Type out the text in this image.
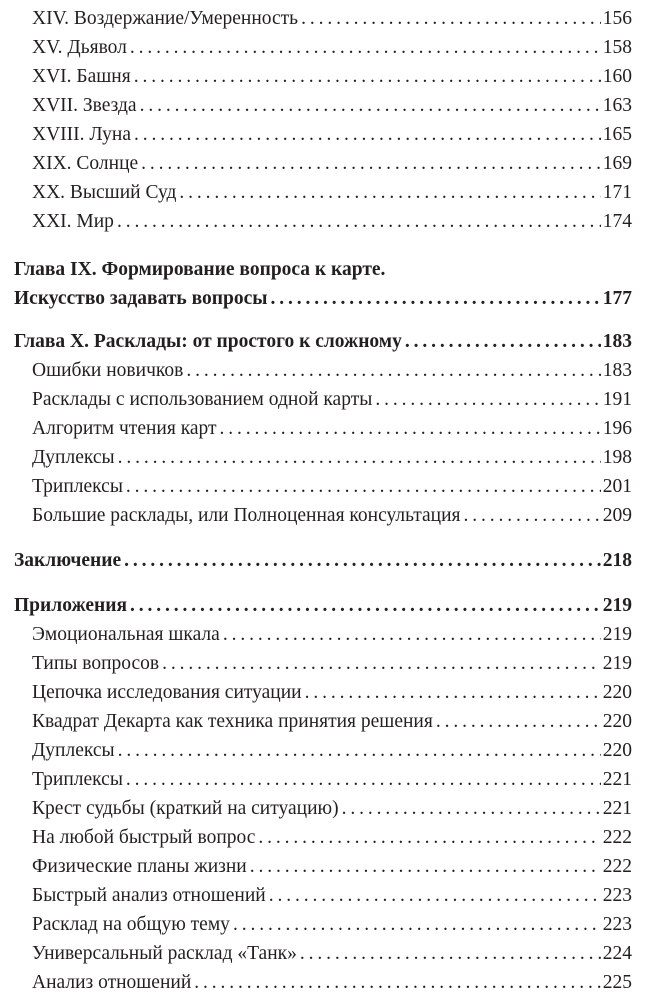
XIV. Воздержание/Умеренность . . .	156
XV. Дьявол . . .	158
XVI. Башня . . .	160
XVII. Звезда . . .	163
XVIII. Луна . . .	165
XIX. Солнце . . .	169
XX. Высший Суд . . .	171
XXI. Мир . . .	174
Глава IX. Формирование вопроса к карте.
Искусство задавать вопросы . . .	177
Глава X. Расклады: от простого к сложному . . .	183
Ошибки новичков . . .	183
Расклады с использованием одной карты . . .	191
Алгоритм чтения карт . . .	196
Дуплексы . . .	198
Триплексы . . .	201
Большие расклады, или Полноценная консультация . . .	209
Заключение . . .	218
Приложения . . .	219
Эмоциональная шкала . . .	219
Типы вопросов . . .	219
Цепочка исследования ситуации . . .	220
Квадрат Декарта как техника принятия решения . . .	220
Дуплексы . . .	220
Триплексы . . .	221
Крест судьбы (краткий на ситуацию) . . .	221
На любой быстрый вопрос . . .	222
Физические планы жизни . . .	222
Быстрый анализ отношений . . .	223
Расклад на общую тему . . .	223
Универсальный расклад «Танк» . . .	224
Анализ отношений . . .	225
